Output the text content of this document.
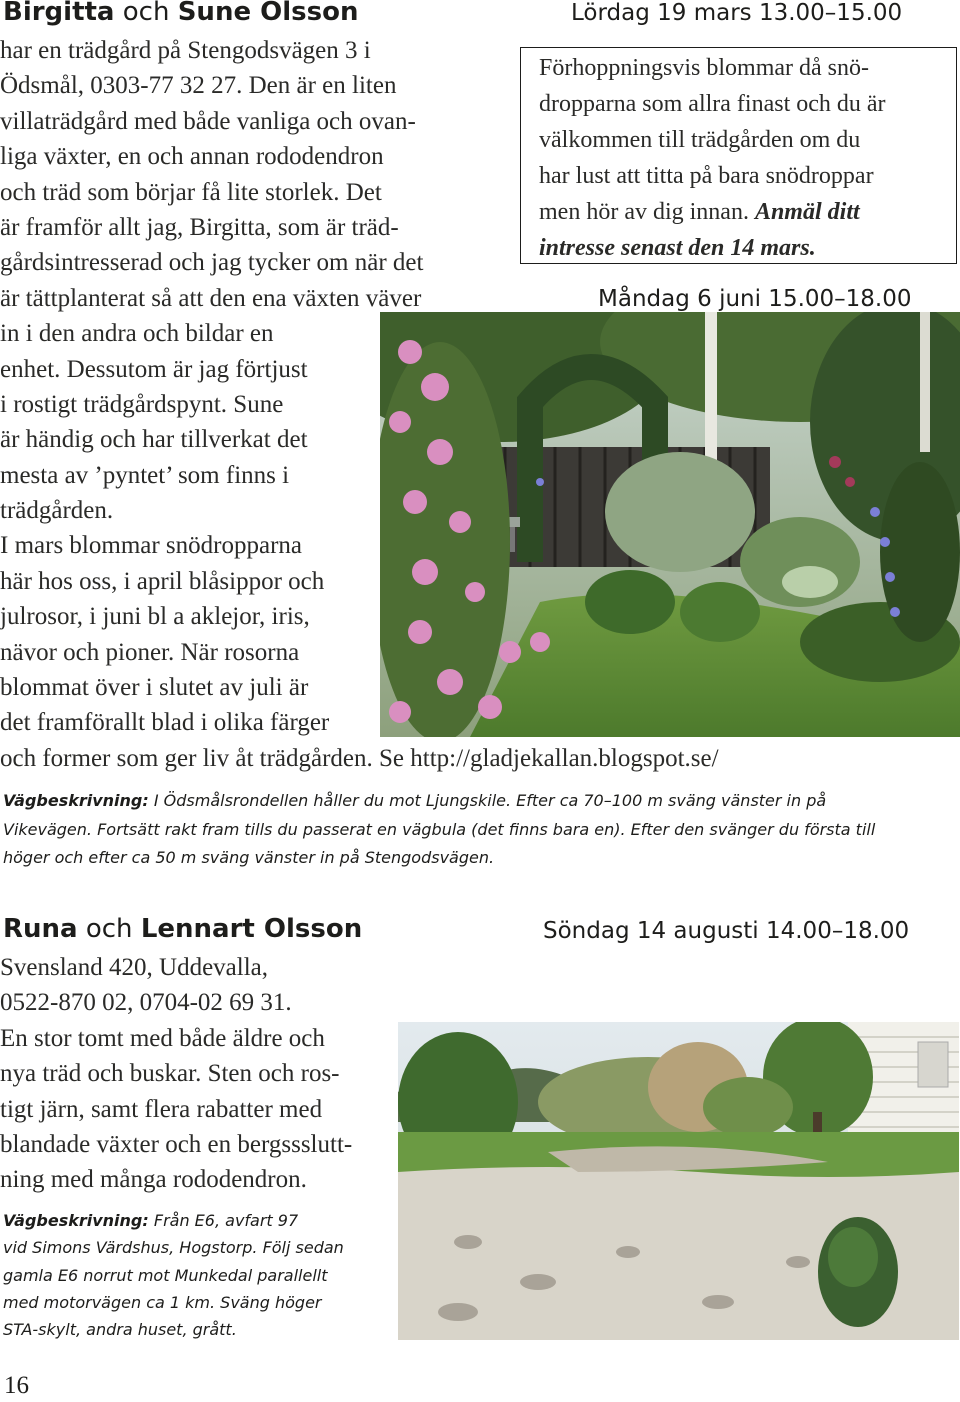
Birgitta och Sune Olsson	Lördag 19 mars 13.00–15.00
har en trädgård på Stengodsvägen 3 i
Ödsmål, 0303-77 32 27. Den är en liten
villaträdgård med både vanliga och ovan-
liga växter, en och annan rododendron
och träd som börjar få lite storlek. Det
är framför allt jag, Birgitta, som är träd-
gårdsintresserad och jag tycker om när det
är tättplanterat så att den ena växten väver
in i den andra och bildar en
enhet. Dessutom är jag förtjust
i rostigt trädgårdspynt. Sune
är händig och har tillverkat det
mesta av ’pyntet’ som finns i
trädgården.
I mars blommar snödropparna
här hos oss, i april blåsippor och
julrosor, i juni bl a aklejor, iris,
nävor och pioner. När rosorna
blommat över i slutet av juli är
det framförallt blad i olika färger
och former som ger liv åt trädgården. Se http://gladjekallan.blogspot.se/
Förhoppningsvis blommar då snö-
dropparna som allra finast och du är
välkommen till trädgården om du
har lust att titta på bara snödroppar
men hör av dig innan. Anmäl ditt
intresse senast den 14 mars.
Måndag 6 juni 15.00–18.00
Vägbeskrivning: I Ödsmålsrondellen håller du mot Ljungskile. Efter ca 70–100 m sväng vänster in på
Vikevägen. Fortsätt rakt fram tills du passerat en vägbula (det finns bara en). Efter den svänger du första till
höger och efter ca 50 m sväng vänster in på Stengodsvägen.
Runa och Lennart Olsson	Söndag 14 augusti 14.00–18.00
Svensland 420, Uddevalla,
0522-870 02, 0704-02 69 31.
En stor tomt med både äldre och
nya träd och buskar. Sten och ros-
tigt järn, samt flera rabatter med
blandade växter och en bergssslutt-
ning med många rododendron.
Vägbeskrivning: Från E6, avfart 97
vid Simons Värdshus, Hogstorp. Följ sedan
gamla E6 norrut mot Munkedal parallellt
med motorvägen ca 1 km. Sväng höger
STA-skylt, andra huset, grått.
16
